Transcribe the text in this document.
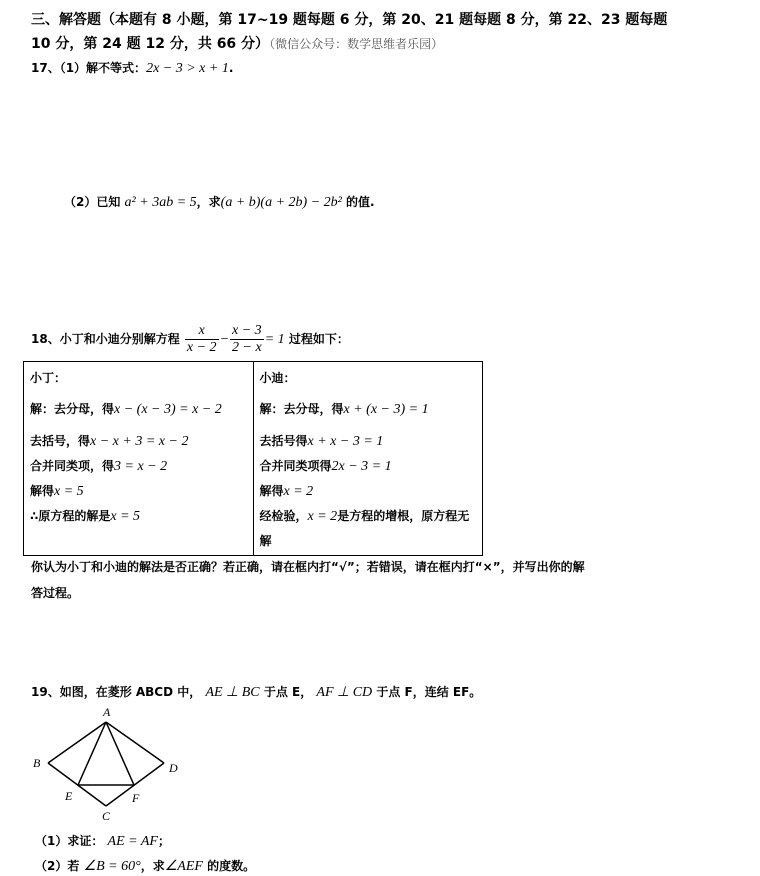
三、解答题（本题有 8 小题，第 17~19 题每题 6 分，第 20、21 题每题 8 分，第 22、23 题每题
10 分，第 24 题 12 分，共 66 分）（微信公众号：数学思维者乐园）
17、（1）解不等式：2x − 3 > x + 1.
（2）已知 a² + 3ab = 5，求(a + b)(a + 2b) − 2b² 的值.
18、小丁和小迪分别解方程 $\frac{x}{x - 2} - \frac{x - 3}{2 - x} = 1$ 过程如下：
小丁：
解：去分母，得x − (x − 3) = x − 2
去括号，得x − x + 3 = x − 2
合并同类项，得3 = x − 2
解得x = 5
∴原方程的解是x = 5

小迪：
解：去分母，得x + (x − 3) = 1
去括号得x + x − 3 = 1
合并同类项得2x − 3 = 1
解得x = 2
经检验，x = 2是方程的增根，原方程无解
你认为小丁和小迪的解法是否正确？若正确，请在框内打“√”；若错误，请在框内打“×”，并写出你的解
答过程。
19、如图，在菱形 ABCD 中， AE ⊥ BC 于点 E， AF ⊥ CD 于点 F，连结 EF。
A
B
C
D
E	F
（1）求证： AE = AF；
（2）若 ∠B = 60°，求∠AEF 的度数。
